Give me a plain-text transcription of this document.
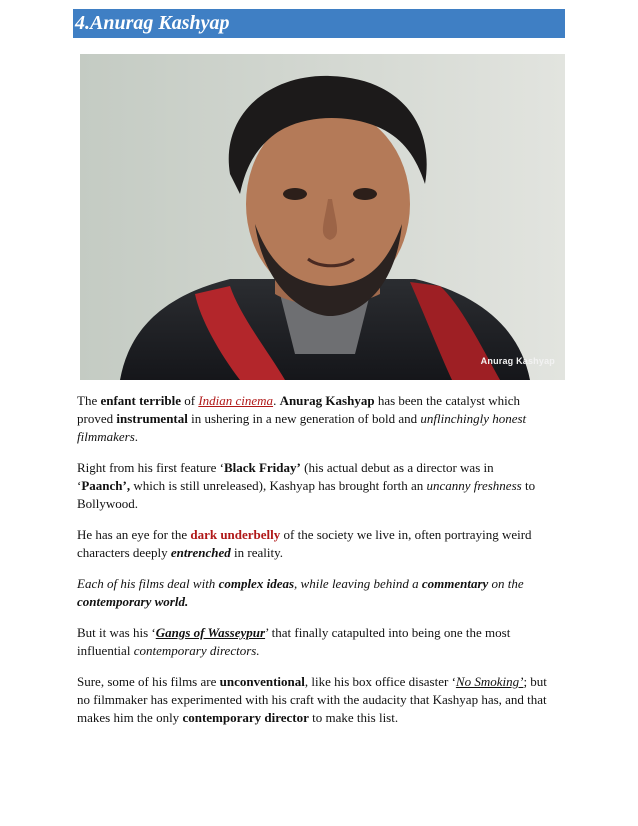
4.Anurag Kashyap
Anurag Kashyap

The enfant terrible of Indian cinema. Anurag Kashyap has been the catalyst which proved instrumental in ushering in a new generation of bold and unflinchingly honest filmmakers.

Right from his first feature ‘Black Friday’ (his actual debut as a director was in ‘Paanch’, which is still unreleased), Kashyap has brought forth an uncanny freshness to Bollywood.

He has an eye for the dark underbelly of the society we live in, often portraying weird characters deeply entrenched in reality.

Each of his films deal with complex ideas, while leaving behind a commentary on the contemporary world.

But it was his ‘Gangs of Wasseypur’ that finally catapulted into being one the most influential contemporary directors.

Sure, some of his films are unconventional, like his box office disaster ‘No Smoking’; but no filmmaker has experimented with his craft with the audacity that Kashyap has, and that makes him the only contemporary director to make this list.
